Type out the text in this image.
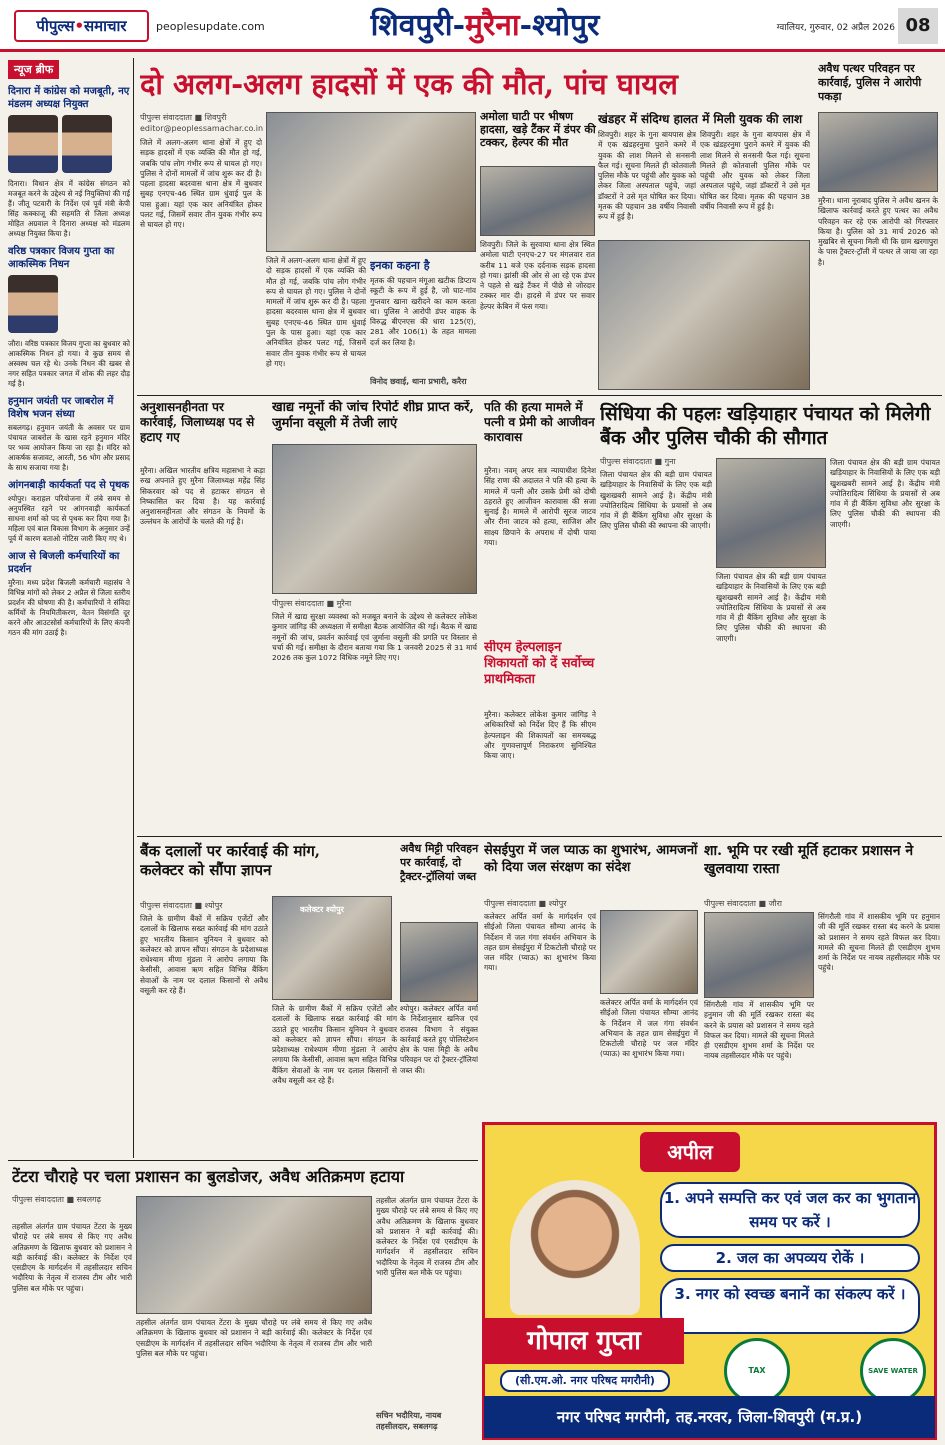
पीपुल्स•समाचार	peoplesupdate.com	शिवपुरी-मुरैना-श्योपुर	ग्वालियर, गुरुवार, 02 अप्रैल 2026 08
न्यूज ब्रीफ
दिनारा में कांग्रेस को मजबूती, नए मंडलम अध्यक्ष नियुक्त
दिनारा। विधान क्षेत्र में कांग्रेस संगठन को मजबूत करने के उद्देश्य से नई नियुक्तियां की गई हैं। जीतू पटवारी के निर्देश एवं पूर्व मंत्री केपी सिंह कक्काजू की सहमति से जिला अध्यक्ष मोहित अग्रवाल ने दिनारा अध्यक्ष को मंडलम अध्यक्ष नियुक्त किया है।
वरिष्ठ पत्रकार विजय गुप्ता का आकस्मिक निधन
जौरा। वरिष्ठ पत्रकार विजय गुप्ता का बुधवार को आकस्मिक निधन हो गया। वे कुछ समय से अस्वस्थ चल रहे थे। उनके निधन की खबर से नगर सहित पत्रकार जगत में शोक की लहर दौड़ गई है।
हनुमान जयंती पर जाबरोल में विशेष भजन संध्या
सबलगढ़। हनुमान जयंती के अवसर पर ग्राम पंचायत जाबरोल के खास रहने हनुमान मंदिर पर भव्य आयोजन किया जा रहा है। मंदिर को आकर्षक सजावट, आरती, 56 भोग और प्रसाद के साथ सजाया गया है।
आंगनबाड़ी कार्यकर्ता पद से पृथक
श्योपुर। कराहल परियोजना में लंबे समय से अनुपस्थित रहने पर आंगनवाड़ी कार्यकर्ता साधना शर्मा को पद से पृथक कर दिया गया है। महिला एवं बाल विकास विभाग के अनुसार उन्हें पूर्व में कारण बताओ नोटिस जारी किए गए थे।
आज से बिजली कर्मचारियों का प्रदर्शन
मुरैना। मध्य प्रदेश बिजली कर्मचारी महासंघ ने विभिन्न मांगों को लेकर 2 अप्रैल से जिला स्तरीय प्रदर्शन की घोषणा की है। कर्मचारियों ने संविदा कर्मियों के नियमितीकरण, वेतन विसंगति दूर करने और आउटसोर्स कर्मचारियों के लिए कंपनी गठन की मांग उठाई है।
दो अलग-अलग हादसों में एक की मौत, पांच घायल
पीपुल्स संवाददाता ■ शिवपुरी
editor@peoplessamachar.co.in
जिले में अलग-अलग थाना क्षेत्रों में हुए दो सड़क हादसों में एक व्यक्ति की मौत हो गई, जबकि पांच लोग गंभीर रूप से घायल हो गए। पुलिस ने दोनों मामलों में जांच शुरू कर दी है। पहला हादसा बदरवास थाना क्षेत्र में बुधवार सुबह एनएच-46 स्थित ग्राम धुंवाई पुल के पास हुआ। यहां एक कार अनियंत्रित होकर पलट गई, जिसमें सवार तीन युवक गंभीर रूप से घायल हो गए।
जिले में अलग-अलग थाना क्षेत्रों में हुए दो सड़क हादसों में एक व्यक्ति की मौत हो गई, जबकि पांच लोग गंभीर रूप से घायल हो गए। पुलिस ने दोनों मामलों में जांच शुरू कर दी है। पहला हादसा बदरवास थाना क्षेत्र में बुधवार सुबह एनएच-46 स्थित ग्राम धुंवाई पुल के पास हुआ। यहां एक कार अनियंत्रित होकर पलट गई, जिसमें सवार तीन युवक गंभीर रूप से घायल हो गए।
इनका कहना है
मृतक की पहचान मंगूआ खटीक डिप्टाय स्कूटी के रूप में हुई है, जो घाट-गांव गुप्तवार खाना खरीदने का काम करता था। पुलिस ने आरोपी डंपर वाहक के विरुद्ध बीएनएस की धारा 125(ए), 281 और 106(1) के तहत मामला दर्ज कर लिया है।
विनोद छवाई, थाना प्रभारी, करैरा
अमोला घाटी पर भीषण हादसा, खड़े टैंकर में डंपर की टक्कर, हेल्पर की मौत
शिवपुरी। जिले के सुरवाया थाना क्षेत्र स्थित अमोला घाटी एनएच-27 पर मंगलवार रात करीब 11 बजे एक दर्दनाक सड़क हादसा हो गया। झांसी की ओर से आ रहे एक डंपर ने पहले से खड़े टैंकर में पीछे से जोरदार टक्कर मार दी। हादसे में डंपर पर सवार हेल्पर केबिन में फंस गया।
खंडहर में संदिग्ध हालत में मिली युवक की लाश
शिवपुरी। शहर के गुना बायपास क्षेत्र में एक खंडहरनुमा पुराने कमरे में युवक की लाश मिलने से सनसनी फैल गई। सूचना मिलते ही कोतवाली पुलिस मौके पर पहुंची और युवक को लेकर जिला अस्पताल पहुंचे, जहां डॉक्टरों ने उसे मृत घोषित कर दिया। मृतक की पहचान 38 वर्षीय निवासी रूप में हुई है।
शिवपुरी। शहर के गुना बायपास क्षेत्र में एक खंडहरनुमा पुराने कमरे में युवक की लाश मिलने से सनसनी फैल गई। सूचना मिलते ही कोतवाली पुलिस मौके पर पहुंची और युवक को लेकर जिला अस्पताल पहुंचे, जहां डॉक्टरों ने उसे मृत घोषित कर दिया। मृतक की पहचान 38 वर्षीय निवासी रूप में हुई है।
अवैध पत्थर परिवहन पर कार्रवाई, पुलिस ने आरोपी पकड़ा
मुरैना। थाना नूराबाद पुलिस ने अवैध खनन के खिलाफ कार्रवाई करते हुए पत्थर का अवैध परिवहन कर रहे एक आरोपी को गिरफ्तार किया है। पुलिस को 31 मार्च 2026 को मुखबिर से सूचना मिली थी कि ग्राम खरगापुरा के पास ट्रैक्टर-ट्रॉली में पत्थर ले जाया जा रहा है।
अनुशासनहीनता पर कार्रवाई, जिलाध्यक्ष पद से हटाए गए
मुरैना। अखिल भारतीय क्षत्रिय महासभा ने कड़ा रुख अपनाते हुए मुरैना जिलाध्यक्ष महेंद्र सिंह सिकरवार को पद से हटाकर संगठन से निष्कासित कर दिया है। यह कार्रवाई अनुशासनहीनता और संगठन के नियमों के उल्लंघन के आरोपों के चलते की गई है।
खाद्य नमूनों की जांच रिपोर्ट शीघ्र प्राप्त करें, जुर्माना वसूली में तेजी लाएं
पीपुल्स संवाददाता ■ मुरैना
जिले में खाद्य सुरक्षा व्यवस्था को मजबूत बनाने के उद्देश्य से कलेक्टर लोकेश कुमार जांगिड़ की अध्यक्षता में समीक्षा बैठक आयोजित की गई। बैठक में खाद्य नमूनों की जांच, प्रवर्तन कार्रवाई एवं जुर्माना वसूली की प्रगति पर विस्तार से चर्चा की गई। समीक्षा के दौरान बताया गया कि 1 जनवरी 2025 से 31 मार्च 2026 तक कुल 1072 विधिक नमूने लिए गए।
पति की हत्या मामले में पत्नी व प्रेमी को आजीवन कारावास
मुरैना। नवम् अपर सत्र न्यायाधीश दिनेश सिंह राणा की अदालत ने पति की हत्या के मामले में पत्नी और उसके प्रेमी को दोषी ठहराते हुए आजीवन कारावास की सजा सुनाई है। मामले में आरोपी सूरज जाटव और रीना जाटव को हत्या, साजिश और साक्ष्य छिपाने के अपराध में दोषी पाया गया।
सीएम हेल्पलाइन शिकायतों को दें सर्वोच्च प्राथमिकता
मुरैना। कलेक्टर लोकेश कुमार जांगिड़ ने अधिकारियों को निर्देश दिए हैं कि सीएम हेल्पलाइन की शिकायतों का समयबद्ध और गुणवत्तापूर्ण निराकरण सुनिश्चित किया जाए।
सिंधिया की पहलः खड़ियाहार पंचायत को मिलेगी बैंक और पुलिस चौकी की सौगात
पीपुल्स संवाददाता ■ गुना
जिला पंचायत क्षेत्र की बड़ी ग्राम पंचायत खड़ियाहार के निवासियों के लिए एक बड़ी खुशखबरी सामने आई है। केंद्रीय मंत्री ज्योतिरादित्य सिंधिया के प्रयासों से अब गांव में ही बैंकिंग सुविधा और सुरक्षा के लिए पुलिस चौकी की स्थापना की जाएगी।
जिला पंचायत क्षेत्र की बड़ी ग्राम पंचायत खड़ियाहार के निवासियों के लिए एक बड़ी खुशखबरी सामने आई है। केंद्रीय मंत्री ज्योतिरादित्य सिंधिया के प्रयासों से अब गांव में ही बैंकिंग सुविधा और सुरक्षा के लिए पुलिस चौकी की स्थापना की जाएगी।
जिला पंचायत क्षेत्र की बड़ी ग्राम पंचायत खड़ियाहार के निवासियों के लिए एक बड़ी खुशखबरी सामने आई है। केंद्रीय मंत्री ज्योतिरादित्य सिंधिया के प्रयासों से अब गांव में ही बैंकिंग सुविधा और सुरक्षा के लिए पुलिस चौकी की स्थापना की जाएगी।
बैंक दलालों पर कार्रवाई की मांग, कलेक्टर को सौंपा ज्ञापन
पीपुल्स संवाददाता ■ श्योपुर	कलेक्टर श्योपुर
जिले के ग्रामीण बैंकों में सक्रिय एजेंटों और दलालों के खिलाफ सख्त कार्रवाई की मांग उठाते हुए भारतीय किसान यूनियन ने बुधवार को कलेक्टर को ज्ञापन सौंपा। संगठन के प्रदेशाध्यक्ष राधेश्याम मीणा मुंडला ने आरोप लगाया कि केसीसी, आवास ऋण सहित विभिन्न बैंकिंग सेवाओं के नाम पर दलाल किसानों से अवैध वसूली कर रहे हैं।
जिले के ग्रामीण बैंकों में सक्रिय एजेंटों और दलालों के खिलाफ सख्त कार्रवाई की मांग उठाते हुए भारतीय किसान यूनियन ने बुधवार को कलेक्टर को ज्ञापन सौंपा। संगठन के प्रदेशाध्यक्ष राधेश्याम मीणा मुंडला ने आरोप लगाया कि केसीसी, आवास ऋण सहित विभिन्न बैंकिंग सेवाओं के नाम पर दलाल किसानों से अवैध वसूली कर रहे हैं।
अवैध मिट्टी परिवहन पर कार्रवाई, दो ट्रैक्टर-ट्रॉलियां जब्त
श्योपुर। कलेक्टर अर्पित वर्मा के निर्देशानुसार खनिज एवं राजस्व विभाग ने संयुक्त कार्रवाई करते हुए पोलिस्टेशन क्षेत्र के पास मिट्टी के अवैध परिवहन पर दो ट्रैक्टर-ट्रॉलियां जब्त की।
सेसईपुरा में जल प्याऊ का शुभारंभ, आमजनों को दिया जल संरक्षण का संदेश
पीपुल्स संवाददाता ■ श्योपुर
कलेक्टर अर्पित वर्मा के मार्गदर्शन एवं सीईओ जिला पंचायत सौम्या आनंद के निर्देशन में जल गंगा संवर्धन अभियान के तहत ग्राम सेसईपुरा में टिकटोली चौराहे पर जल मंदिर (प्याऊ) का शुभारंभ किया गया।
कलेक्टर अर्पित वर्मा के मार्गदर्शन एवं सीईओ जिला पंचायत सौम्या आनंद के निर्देशन में जल गंगा संवर्धन अभियान के तहत ग्राम सेसईपुरा में टिकटोली चौराहे पर जल मंदिर (प्याऊ) का शुभारंभ किया गया।
शा. भूमि पर रखी मूर्ति हटाकर प्रशासन ने खुलवाया रास्ता
पीपुल्स संवाददाता ■ जौरा
सिंगरौली गांव में शासकीय भूमि पर हनुमान जी की मूर्ति रखकर रास्ता बंद करने के प्रयास को प्रशासन ने समय रहते विफल कर दिया। मामले की सूचना मिलते ही एसडीएम शुभम शर्मा के निर्देश पर नायब तहसीलदार मौके पर पहुंचे।
सिंगरौली गांव में शासकीय भूमि पर हनुमान जी की मूर्ति रखकर रास्ता बंद करने के प्रयास को प्रशासन ने समय रहते विफल कर दिया। मामले की सूचना मिलते ही एसडीएम शुभम शर्मा के निर्देश पर नायब तहसीलदार मौके पर पहुंचे।
टेंटरा चौराहे पर चला प्रशासन का बुलडोजर, अवैध अतिक्रमण हटाया
पीपुल्स संवाददाता ■ सबलगढ़
तहसील अंतर्गत ग्राम पंचायत टेंटरा के मुख्य चौराहे पर लंबे समय से किए गए अवैध अतिक्रमण के खिलाफ बुधवार को प्रशासन ने बड़ी कार्रवाई की। कलेक्टर के निर्देश एवं एसडीएम के मार्गदर्शन में तहसीलदार सचिन भदौरिया के नेतृत्व में राजस्व टीम और भारी पुलिस बल मौके पर पहुंचा।
तहसील अंतर्गत ग्राम पंचायत टेंटरा के मुख्य चौराहे पर लंबे समय से किए गए अवैध अतिक्रमण के खिलाफ बुधवार को प्रशासन ने बड़ी कार्रवाई की। कलेक्टर के निर्देश एवं एसडीएम के मार्गदर्शन में तहसीलदार सचिन भदौरिया के नेतृत्व में राजस्व टीम और भारी पुलिस बल मौके पर पहुंचा।
तहसील अंतर्गत ग्राम पंचायत टेंटरा के मुख्य चौराहे पर लंबे समय से किए गए अवैध अतिक्रमण के खिलाफ बुधवार को प्रशासन ने बड़ी कार्रवाई की। कलेक्टर के निर्देश एवं एसडीएम के मार्गदर्शन में तहसीलदार सचिन भदौरिया के नेतृत्व में राजस्व टीम और भारी पुलिस बल मौके पर पहुंचा।
सचिन भदौरिया, नायब तहसीलदार, सबलगढ़
अपील
1. अपने सम्पत्ति कर एवं जल कर का भुगतान समय पर करें ।
2. जल का अपव्यय रोकें ।
3. नगर को स्वच्छ बनानें का संकल्प करें ।
TAX	SAVE WATER
गोपाल गुप्ता
(सी.एम.ओ. नगर परिषद मगरौनी)
नगर परिषद मगरौनी, तह.नरवर, जिला-शिवपुरी (म.प्र.)
